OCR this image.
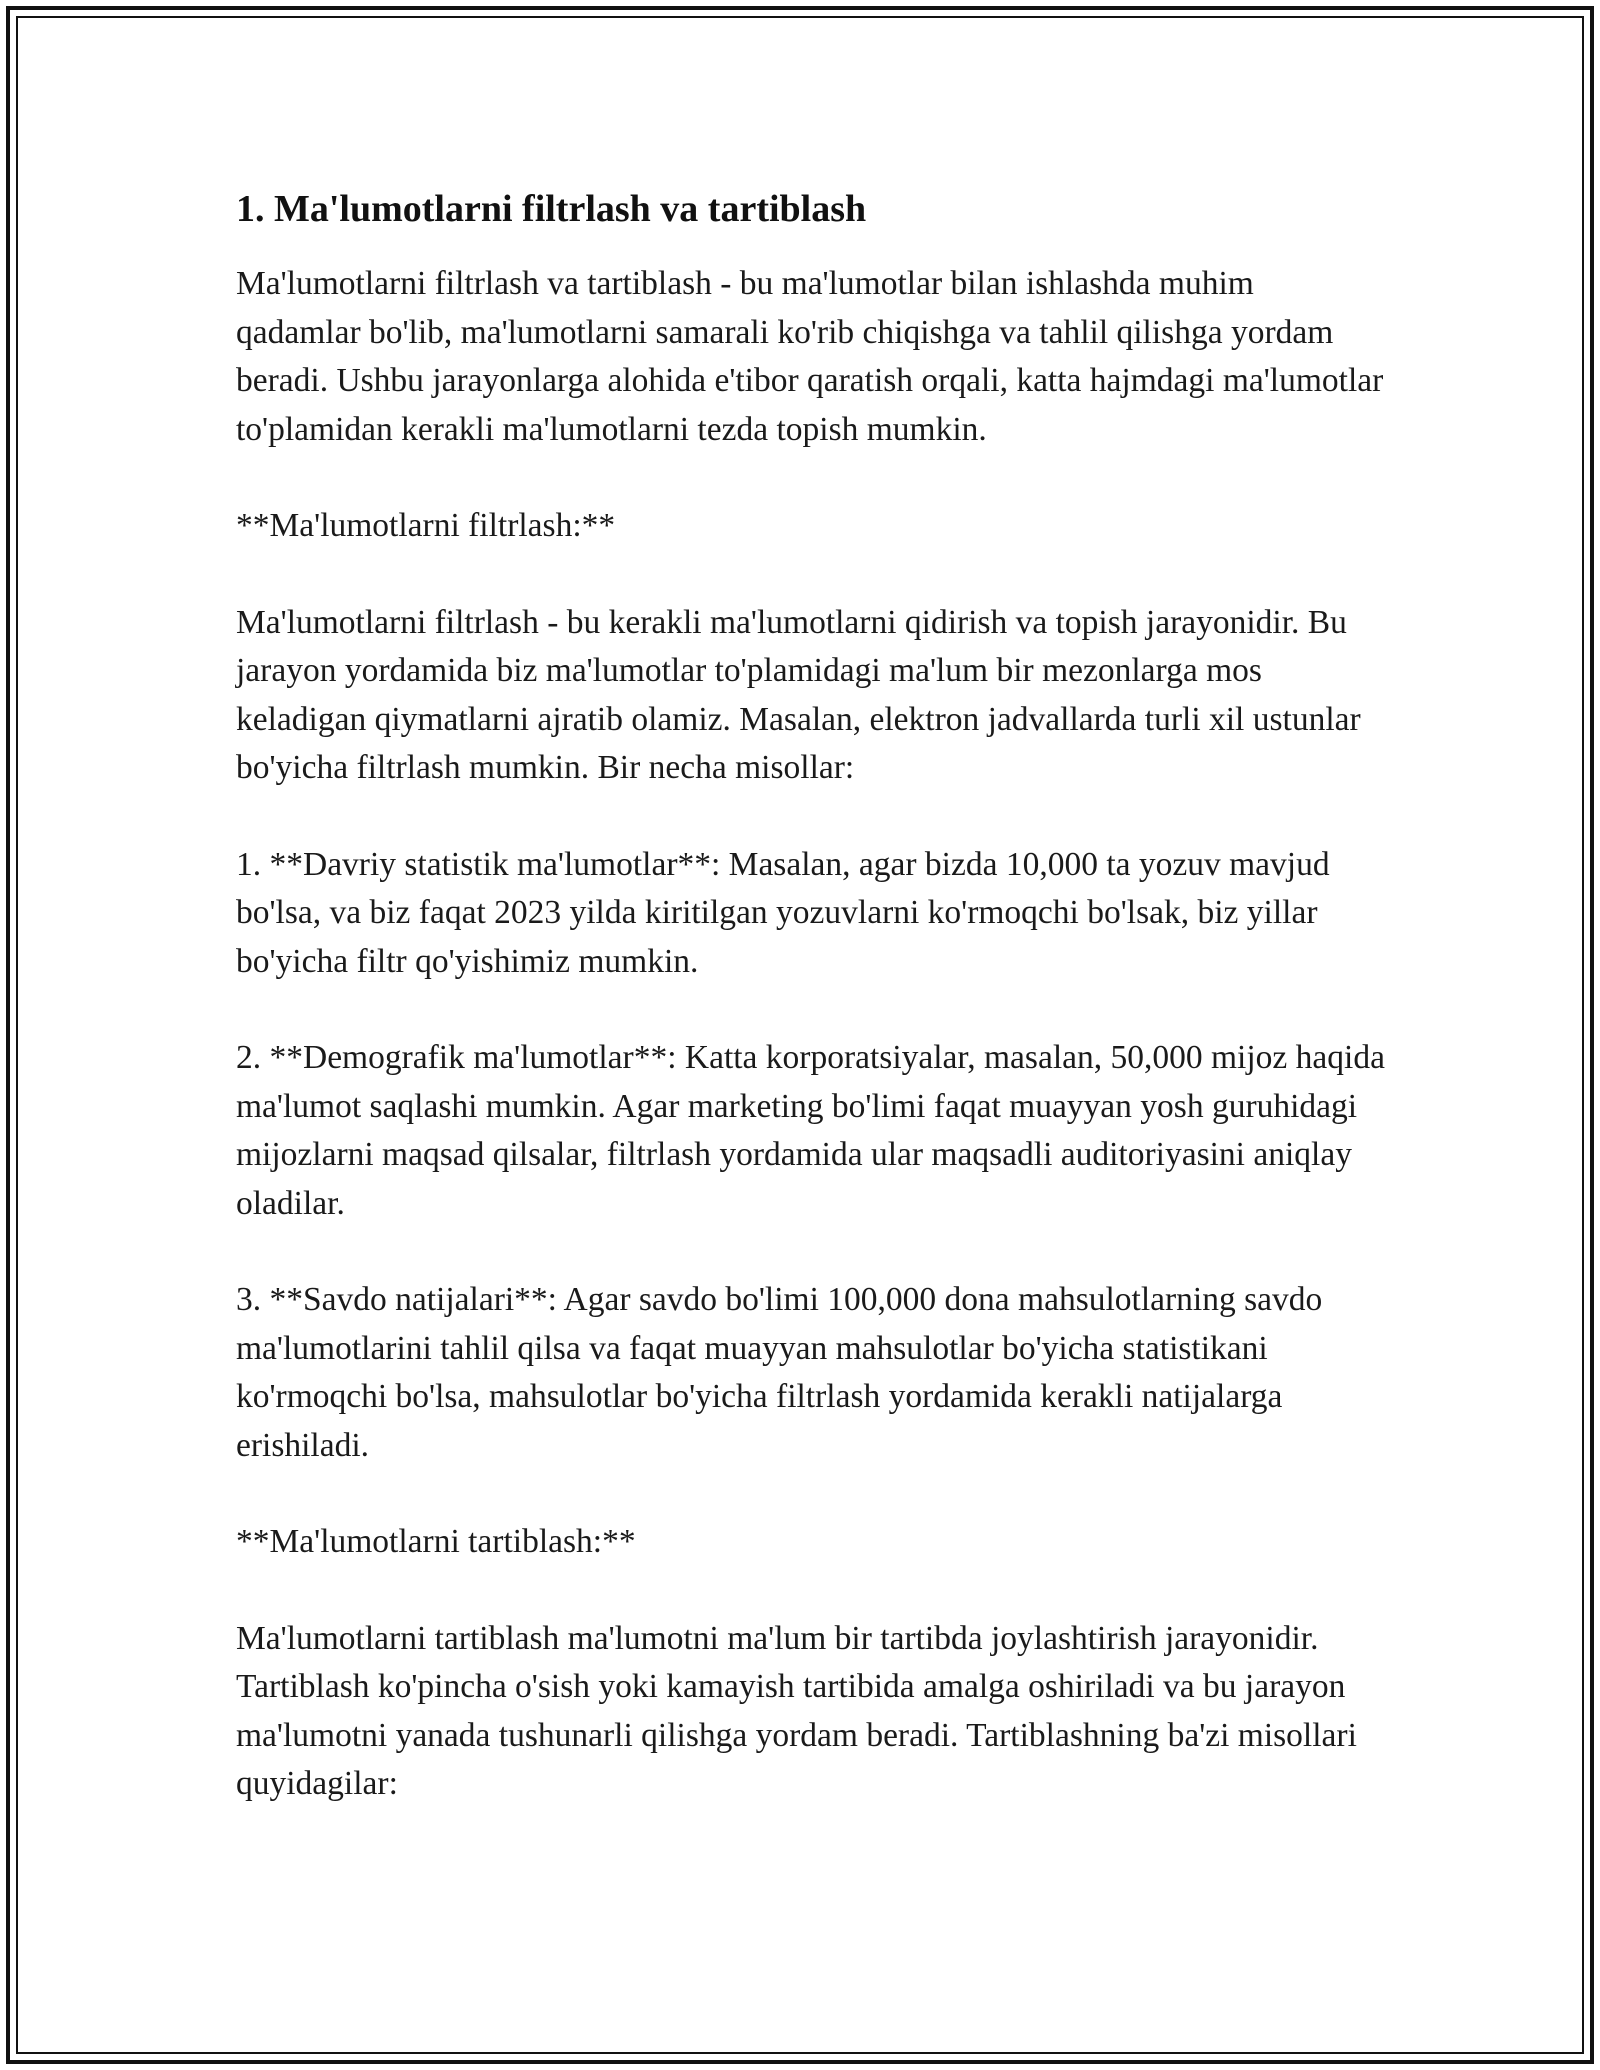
1. Ma'lumotlarni filtrlash va tartiblash

Ma'lumotlarni filtrlash va tartiblash - bu ma'lumotlar bilan ishlashda muhim qadamlar bo'lib, ma'lumotlarni samarali ko'rib chiqishga va tahlil qilishga yordam beradi. Ushbu jarayonlarga alohida e'tibor qaratish orqali, katta hajmdagi ma'lumotlar to'plamidan kerakli ma'lumotlarni tezda topish mumkin.

**Ma'lumotlarni filtrlash:**

Ma'lumotlarni filtrlash - bu kerakli ma'lumotlarni qidirish va topish jarayonidir. Bu jarayon yordamida biz ma'lumotlar to'plamidagi ma'lum bir mezonlarga mos keladigan qiymatlarni ajratib olamiz. Masalan, elektron jadvallarda turli xil ustunlar bo'yicha filtrlash mumkin. Bir necha misollar:

1. **Davriy statistik ma'lumotlar**: Masalan, agar bizda 10,000 ta yozuv mavjud bo'lsa, va biz faqat 2023 yilda kiritilgan yozuvlarni ko'rmoqchi bo'lsak, biz yillar bo'yicha filtr qo'yishimiz mumkin.

2. **Demografik ma'lumotlar**: Katta korporatsiyalar, masalan, 50,000 mijoz haqida ma'lumot saqlashi mumkin. Agar marketing bo'limi faqat muayyan yosh guruhidagi mijozlarni maqsad qilsalar, filtrlash yordamida ular maqsadli auditoriyasini aniqlay oladilar.

3. **Savdo natijalari**: Agar savdo bo'limi 100,000 dona mahsulotlarning savdo ma'lumotlarini tahlil qilsa va faqat muayyan mahsulotlar bo'yicha statistikani ko'rmoqchi bo'lsa, mahsulotlar bo'yicha filtrlash yordamida kerakli natijalarga erishiladi.

**Ma'lumotlarni tartiblash:**

Ma'lumotlarni tartiblash ma'lumotni ma'lum bir tartibda joylashtirish jarayonidir. Tartiblash ko'pincha o'sish yoki kamayish tartibida amalga oshiriladi va bu jarayon ma'lumotni yanada tushunarli qilishga yordam beradi. Tartiblashning ba'zi misollari quyidagilar:
